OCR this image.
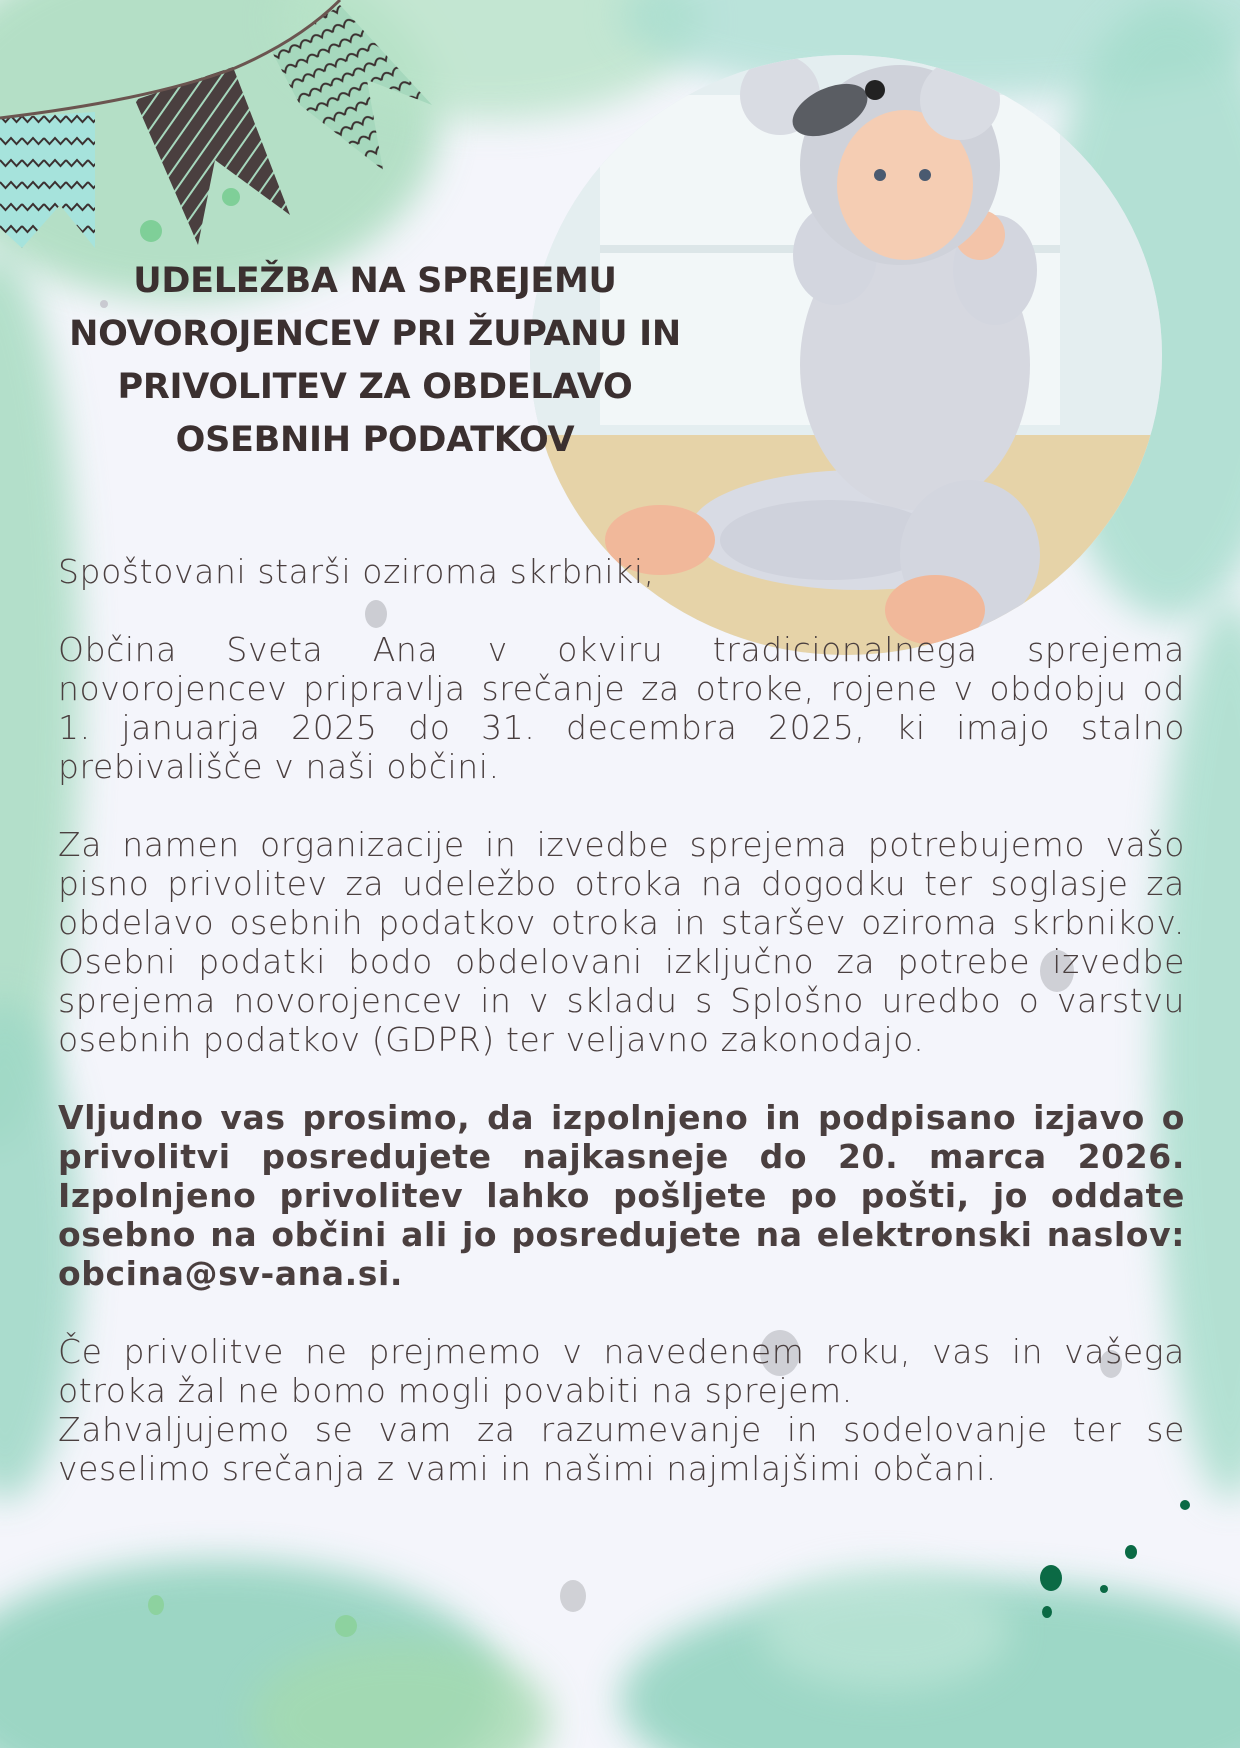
UDELEŽBA NA SPREJEMU
NOVOROJENCEV PRI ŽUPANU IN
PRIVOLITEV ZA OBDELAVO
OSEBNIH PODATKOV

Spoštovani starši oziroma skrbniki,

Občina Sveta Ana v okviru tradicionalnega sprejema novorojencev pripravlja srečanje za otroke, rojene v obdobju od 1. januarja 2025 do 31. decembra 2025, ki imajo stalno prebivališče v naši občini.

Za namen organizacije in izvedbe sprejema potrebujemo vašo pisno privolitev za udeležbo otroka na dogodku ter soglasje za obdelavo osebnih podatkov otroka in staršev oziroma skrbnikov. Osebni podatki bodo obdelovani izključno za potrebe izvedbe sprejema novorojencev in v skladu s Splošno uredbo o varstvu osebnih podatkov (GDPR) ter veljavno zakonodajo.

Vljudno vas prosimo, da izpolnjeno in podpisano izjavo o privolitvi posredujete najkasneje do 20. marca 2026. Izpolnjeno privolitev lahko pošljete po pošti, jo oddate osebno na občini ali jo posredujete na elektronski naslov: obcina@sv-ana.si.

Če privolitve ne prejmemo v navedenem roku, vas in vašega otroka žal ne bomo mogli povabiti na sprejem.

Zahvaljujemo se vam za razumevanje in sodelovanje ter se veselimo srečanja z vami in našimi najmlajšimi občani.
